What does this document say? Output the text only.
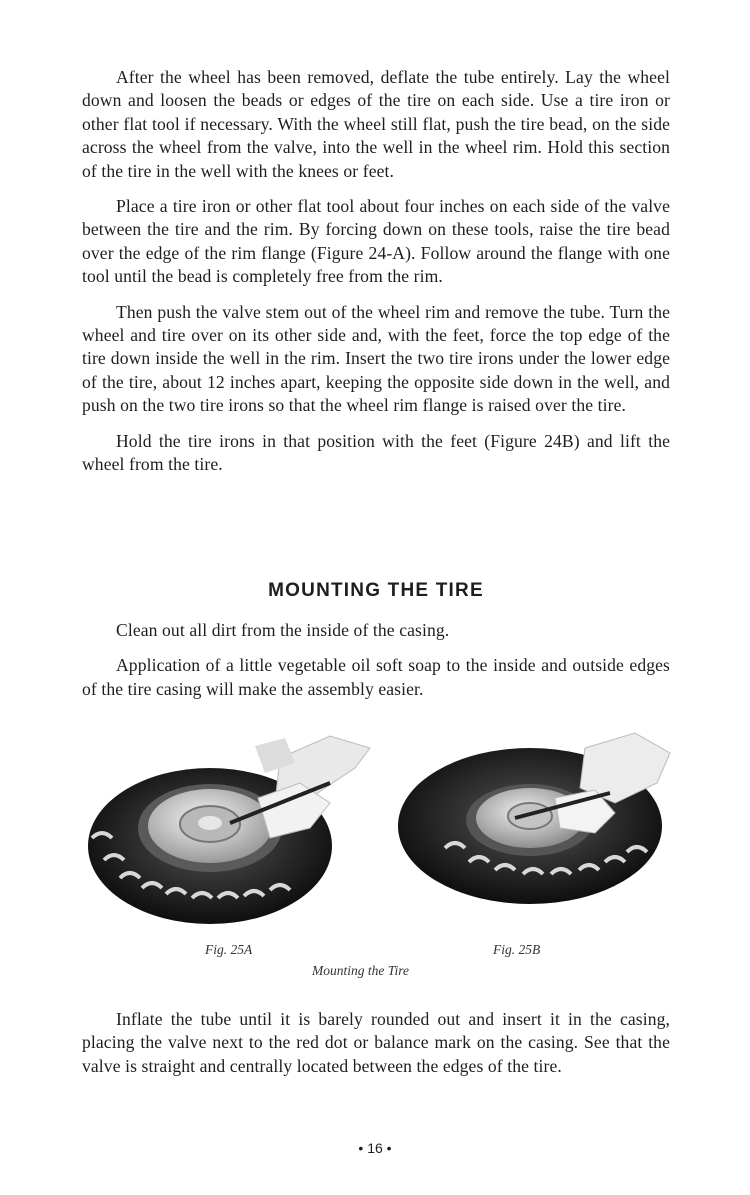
After the wheel has been removed, deflate the tube entirely. Lay the wheel down and loosen the beads or edges of the tire on each side. Use a tire iron or other flat tool if necessary. With the wheel still flat, push the tire bead, on the side across the wheel from the valve, into the well in the wheel rim. Hold this section of the tire in the well with the knees or feet.

Place a tire iron or other flat tool about four inches on each side of the valve between the tire and the rim. By forcing down on these tools, raise the tire bead over the edge of the rim flange (Figure 24-A). Follow around the flange with one tool until the bead is completely free from the rim.

Then push the valve stem out of the wheel rim and remove the tube. Turn the wheel and tire over on its other side and, with the feet, force the top edge of the tire down inside the well in the rim. Insert the two tire irons under the lower edge of the tire, about 12 inches apart, keeping the opposite side down in the well, and push on the two tire irons so that the wheel rim flange is raised over the tire.

Hold the tire irons in that position with the feet (Figure 24B) and lift the wheel from the tire.

MOUNTING THE TIRE

Clean out all dirt from the inside of the casing.

Application of a little vegetable oil soft soap to the inside and outside edges of the tire casing will make the assembly easier.

Fig. 25A	Fig. 25B
Mounting the Tire

Inflate the tube until it is barely rounded out and insert it in the casing, placing the valve next to the red dot or balance mark on the casing. See that the valve is straight and centrally located between the edges of the tire.

• 16 •
